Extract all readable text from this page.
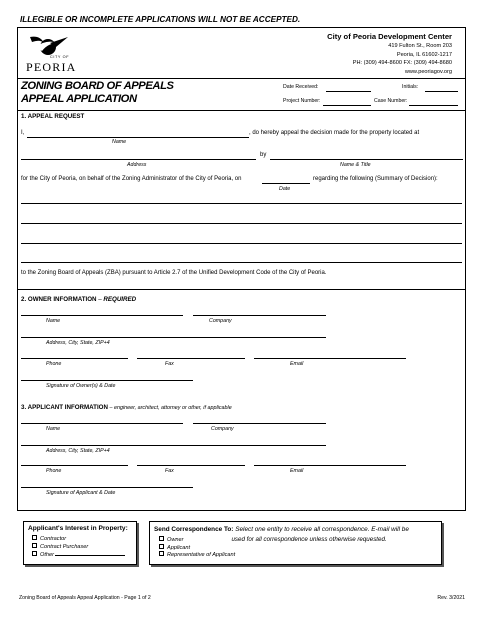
ILLEGIBLE OR INCOMPLETE APPLICATIONS WILL NOT BE ACCEPTED.
CITY OF
PEORIA
City of Peoria Development Center
419 Fulton St., Room 203
Peoria, IL 61602-1217
PH: (309) 494-8600 FX: (309) 494-8680
www.peoriagov.org
ZONING BOARD OF APPEALS
APPEAL APPLICATION
Date Received:	Initials:
Project Number:	Case Number:
1. APPEAL REQUEST
I,	, do hereby appeal the decision made for the property located at
Name
by
Address	Name & Title
for the City of Peoria, on behalf of the Zoning Administrator of the City of Peoria, on	regarding the following (Summary of Decision):
Date
to the Zoning Board of Appeals (ZBA) pursuant to Article 2.7 of the Unified Development Code of the City of Peoria.
2. OWNER INFORMATION – REQUIRED
Name	Company
Address, City, State, ZIP+4
Phone	Fax	Email
Signature of Owner(s) & Date
3. APPLICANT INFORMATION – engineer, architect, attorney or other, if applicable
Name	Company
Address, City, State, ZIP+4
Phone	Fax	Email
Signature of Applicant & Date
Applicant's Interest in Property:
Contractor
Contract Purchaser
Other
Send Correspondence To: Select one entity to receive all correspondence. E-mail will be
Owner	used for all correspondence unless otherwise requested.
Applicant
Representative of Applicant
Zoning Board of Appeals Appeal Application - Page 1 of 2	Rev. 3/2021
